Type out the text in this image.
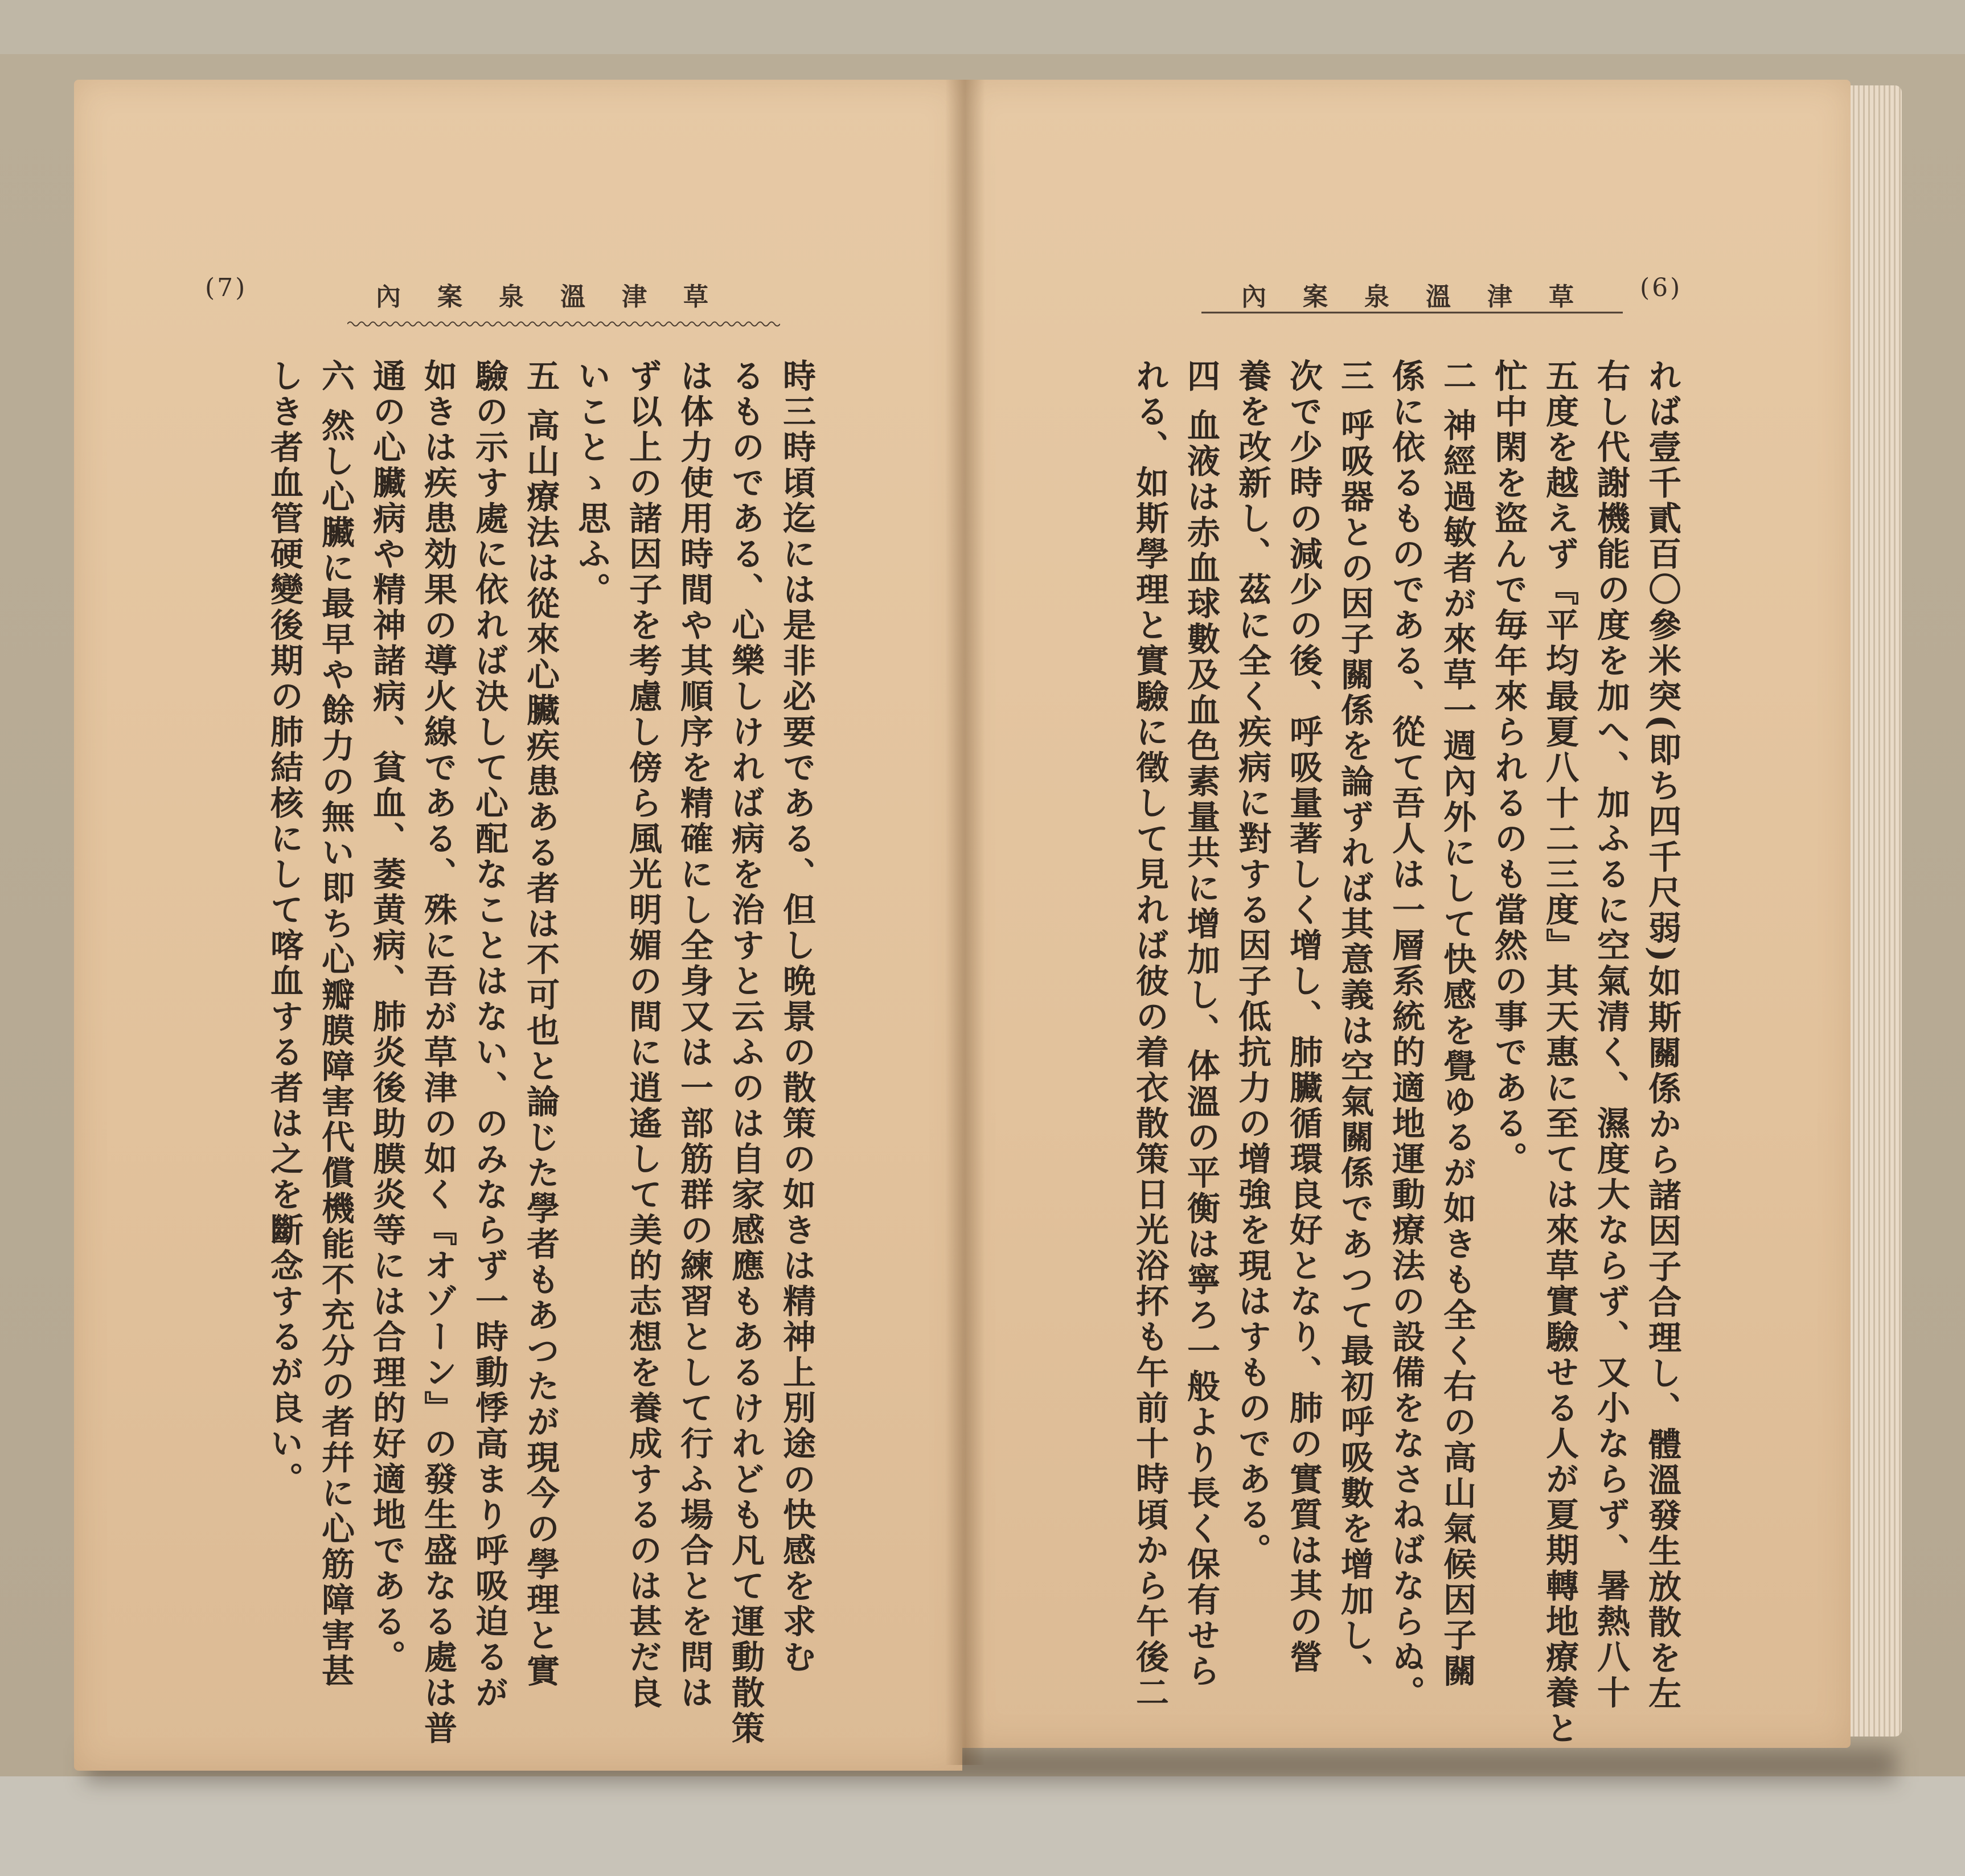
(7)	內案泉溫津草
時三時頃迄には是非必要である、但し晩景の散策の如きは精神上別途の快感を求む
るものである、心樂しければ病を治すと云ふのは自家感應もあるけれども凡て運動散策
は体力使用時間や其順序を精確にし全身又は一部筋群の練習として行ふ場合とを問は
ず以上の諸因子を考慮し傍ら風光明媚の間に逍遙して美的志想を養成するのは甚だ良
いことゝ思ふ。
五 高山療法は從來心臟疾患ある者は不可也と論じた學者もあつたが現今の學理と實
驗の示す處に依れば決して心配なことはない、のみならず一時動悸高まり呼吸迫るが
如きは疾患効果の導火線である、殊に吾が草津の如く『オゾーン』の發生盛なる處は普
通の心臟病や精神諸病、貧血、萎黄病、肺炎後助膜炎等には合理的好適地である。
六 然し心臟に最早や餘力の無い即ち心瓣膜障害代償機能不充分の者幷に心筋障害甚
しき者血管硬變後期の肺結核にして喀血する者は之を斷念するが良い。
內案泉溫津草 (6)
れば壹千貳百〇參米突(即ち四千尺弱)如斯關係から諸因子合理し、體溫發生放散を左
右し代謝機能の度を加へ、加ふるに空氣清く、濕度大ならず、又小ならず、暑熱八十
五度を越えず『平均最夏八十二三度』其天惠に至ては來草實驗せる人が夏期轉地療養と
忙中閑を盜んで毎年來られるのも當然の事である。
二 神經過敏者が來草一週內外にして快感を覺ゆるが如きも全く右の高山氣候因子關
係に依るものである、從て吾人は一層系統的適地運動療法の設備をなさねばならぬ。
三 呼吸器との因子關係を論ずれば其意義は空氣關係であつて最初呼吸數を增加し、
次で少時の減少の後、呼吸量著しく增し、肺臟循環良好となり、肺の實質は其の營
養を改新し、茲に全く疾病に對する因子低抗力の增強を現はすものである。
四 血液は赤血球數及血色素量共に增加し、体溫の平衡は寧ろ一般より長く保有せら
れる、如斯學理と實驗に徵して見れば彼の着衣散策日光浴抔も午前十時頃から午後二
